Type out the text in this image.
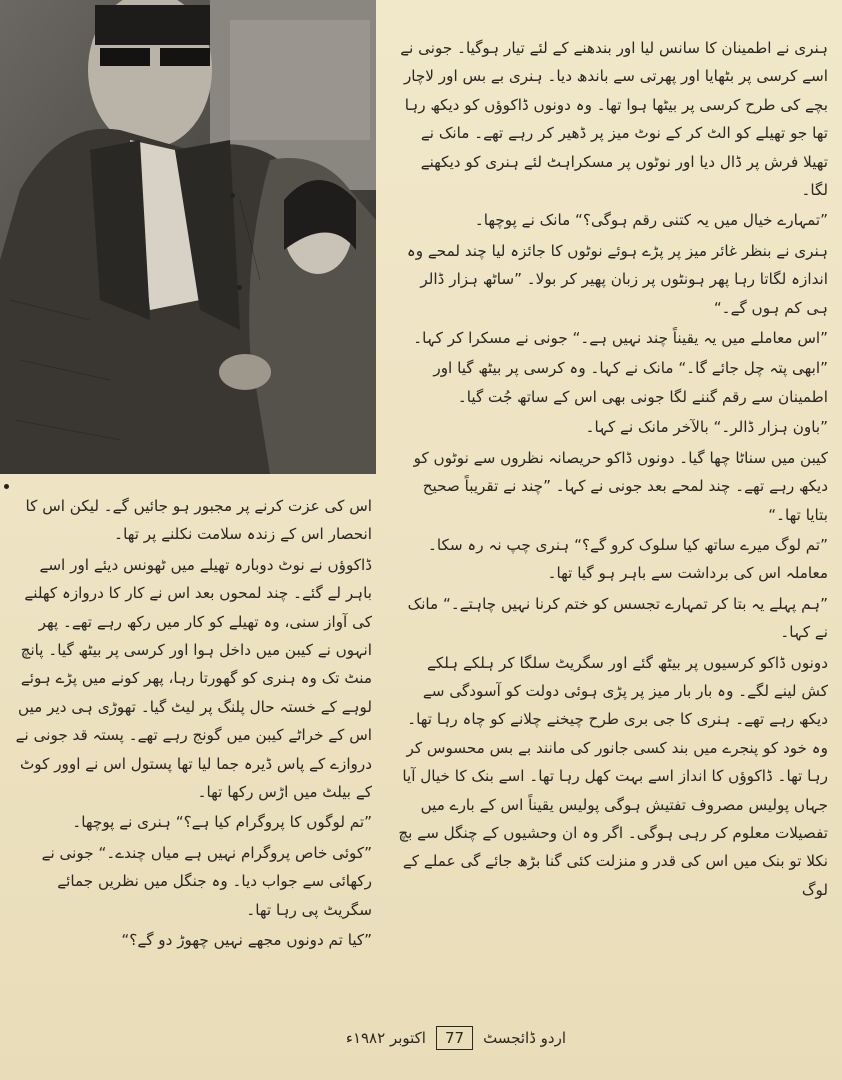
ہنری نے اطمینان کا سانس لیا اور بندھنے کے لئے تیار ہوگیا۔ جونی نے اسے کرسی پر بٹھایا اور پھرتی سے باندھ دیا۔ ہنری بے بس اور لاچار بچے کی طرح کرسی پر بیٹھا ہوا تھا۔ وہ دونوں ڈاکوؤں کو دیکھ رہا تھا جو تھیلے کو الٹ کر کے نوٹ میز پر ڈھیر کر رہے تھے۔ مانک نے تھیلا فرش پر ڈال دیا اور نوٹوں پر مسکراہٹ لئے ہنری کو دیکھنے لگا۔

”تمہارے خیال میں یہ کتنی رقم ہوگی؟“ مانک نے پوچھا۔

ہنری نے بنظر غائر میز پر پڑے ہوئے نوٹوں کا جائزہ لیا چند لمحے وہ اندازہ لگاتا رہا پھر ہونٹوں پر زبان پھیر کر بولا۔ ”ساٹھ ہزار ڈالر ہی کم ہوں گے۔“

”اس معاملے میں یہ یقیناً چند نہیں ہے۔“ جونی نے مسکرا کر کہا۔

”ابھی پتہ چل جائے گا۔“ مانک نے کہا۔ وہ کرسی پر بیٹھ گیا اور اطمینان سے رقم گننے لگا جونی بھی اس کے ساتھ جُت گیا۔

”باون ہزار ڈالر۔“ بالآخر مانک نے کہا۔

کیبن میں سناٹا چھا گیا۔ دونوں ڈاکو حریصانہ نظروں سے نوٹوں کو دیکھ رہے تھے۔ چند لمحے بعد جونی نے کہا۔ ”چند نے تقریباً صحیح بتایا تھا۔“

”تم لوگ میرے ساتھ کیا سلوک کرو گے؟“ ہنری چپ نہ رہ سکا۔ معاملہ اس کی برداشت سے باہر ہو گیا تھا۔

”ہم پہلے یہ بتا کر تمہارے تجسس کو ختم کرنا نہیں چاہتے۔“ مانک نے کہا۔

دونوں ڈاکو کرسیوں پر بیٹھ گئے اور سگریٹ سلگا کر ہلکے ہلکے کش لینے لگے۔ وہ بار بار میز پر پڑی ہوئی دولت کو آسودگی سے دیکھ رہے تھے۔ ہنری کا جی بری طرح چیخنے چلانے کو چاہ رہا تھا۔ وہ خود کو پنجرے میں بند کسی جانور کی مانند بے بس محسوس کر رہا تھا۔ ڈاکوؤں کا انداز اسے بہت کھل رہا تھا۔ اسے بنک کا خیال آیا جہاں پولیس مصروف تفتیش ہوگی پولیس یقیناً اس کے بارے میں تفصیلات معلوم کر رہی ہوگی۔ اگر وہ ان وحشیوں کے چنگل سے بچ نکلا تو بنک میں اس کی قدر و منزلت کئی گنا بڑھ جائے گی عملے کے لوگ

اس کی عزت کرنے پر مجبور ہو جائیں گے۔ لیکن اس کا انحصار اس کے زندہ سلامت نکلنے پر تھا۔

ڈاکوؤں نے نوٹ دوبارہ تھیلے میں ٹھونس دیئے اور اسے باہر لے گئے۔ چند لمحوں بعد اس نے کار کا دروازہ کھلنے کی آواز سنی، وہ تھیلے کو کار میں رکھ رہے تھے۔ پھر انہوں نے کیبن میں داخل ہوا اور کرسی پر بیٹھ گیا۔ پانچ منٹ تک وہ ہنری کو گھورتا رہا، پھر کونے میں پڑے ہوئے لوہے کے خستہ حال پلنگ پر لیٹ گیا۔ تھوڑی ہی دیر میں اس کے خراٹے کیبن میں گونج رہے تھے۔ پستہ قد جونی نے دروازے کے پاس ڈیرہ جما لیا تھا پستول اس نے اوور کوٹ کے بیلٹ میں اڑس رکھا تھا۔

”تم لوگوں کا پروگرام کیا ہے؟“ ہنری نے پوچھا۔

”کوئی خاص پروگرام نہیں ہے میاں چندے۔“ جونی نے رکھائی سے جواب دیا۔ وہ جنگل میں نظریں جمائے سگریٹ پی رہا تھا۔

”کیا تم دونوں مجھے نہیں چھوڑ دو گے؟“

اردو ڈائجسٹ
77
اکتوبر ۱۹۸۲ء
